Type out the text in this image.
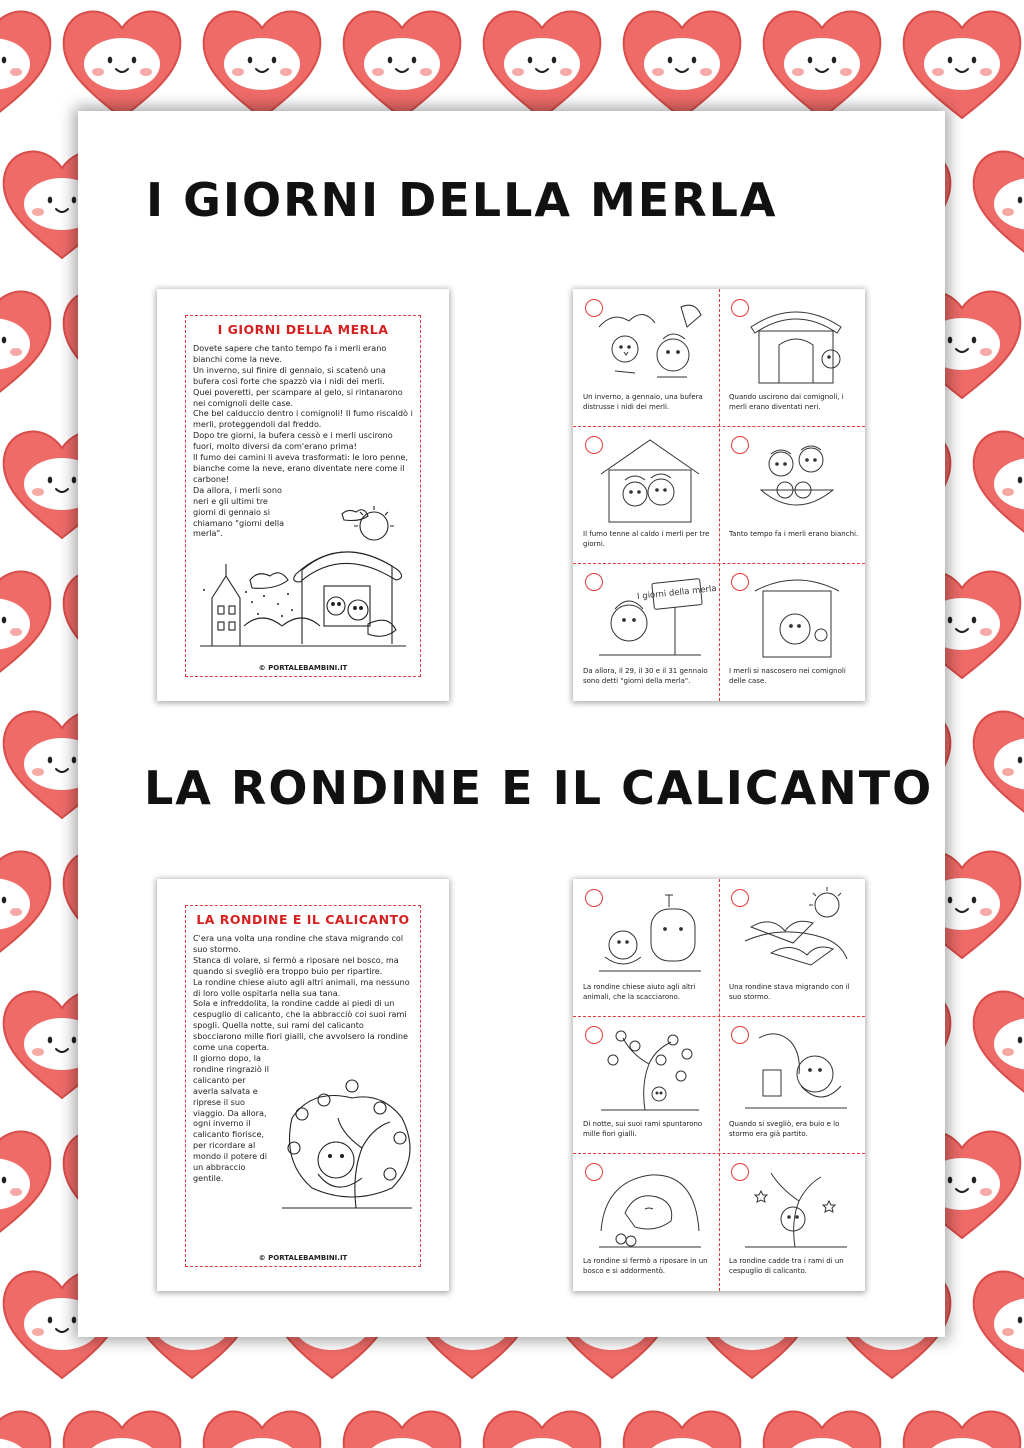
I GIORNI DELLA MERLA
I GIORNI DELLA MERLA

Dovete sapere che tanto tempo fa i merli erano bianchi come la neve.

Un inverno, sul finire di gennaio, si scatenò una bufera così forte che spazzò via i nidi dei merli.

Quei poveretti, per scampare al gelo, si rintanarono nei comignoli delle case.

Che bel calduccio dentro i comignoli! Il fumo riscaldò i merli, proteggendoli dal freddo.

Dopo tre giorni, la bufera cessò e i merli uscirono fuori, molto diversi da com'erano prima!

Il fumo dei camini li aveva trasformati: le loro penne, bianche come la neve, erano diventate nere come il carbone!

Da allora, i merli sono neri e gli ultimi tre giorni di gennaio si chiamano "giorni della merla".

© PORTALEBAMBINI.IT
Un inverno, a gennaio, una bufera distrusse i nidi dei merli.
Quando uscirono dai comignoli, i merli erano diventati neri.
Il fumo tenne al caldo i merli per tre giorni.
Tanto tempo fa i merli erano bianchi.
I giorni della merla
Da allora, il 29, il 30 e il 31 gennaio sono detti "giorni della merla".
I merli si nascosero nei comignoli delle case.
LA RONDINE E IL CALICANTO
LA RONDINE E IL CALICANTO

C'era una volta una rondine che stava migrando col suo stormo.

Stanca di volare, si fermò a riposare nel bosco, ma quando si svegliò era troppo buio per ripartire.

La rondine chiese aiuto agli altri animali, ma nessuno di loro volle ospitarla nella sua tana.

Sola e infreddolita, la rondine cadde ai piedi di un cespuglio di calicanto, che la abbracciò coi suoi rami spogli. Quella notte, sui rami del calicanto sbocciarono mille fiori gialli, che avvolsero la rondine come una coperta.

Il giorno dopo, la rondine ringraziò il calicanto per averla salvata e riprese il suo viaggio. Da allora, ogni inverno il calicanto fiorisce, per ricordare al mondo il potere di un abbraccio gentile.

© PORTALEBAMBINI.IT
La rondine chiese aiuto agli altri animali, che la scacciarono.
Una rondine stava migrando con il suo stormo.
Di notte, sui suoi rami spuntarono mille fiori gialli.
Quando si svegliò, era buio e lo stormo era già partito.
La rondine si fermò a riposare in un bosco e si addormentò.
La rondine cadde tra i rami di un cespuglio di calicanto.
